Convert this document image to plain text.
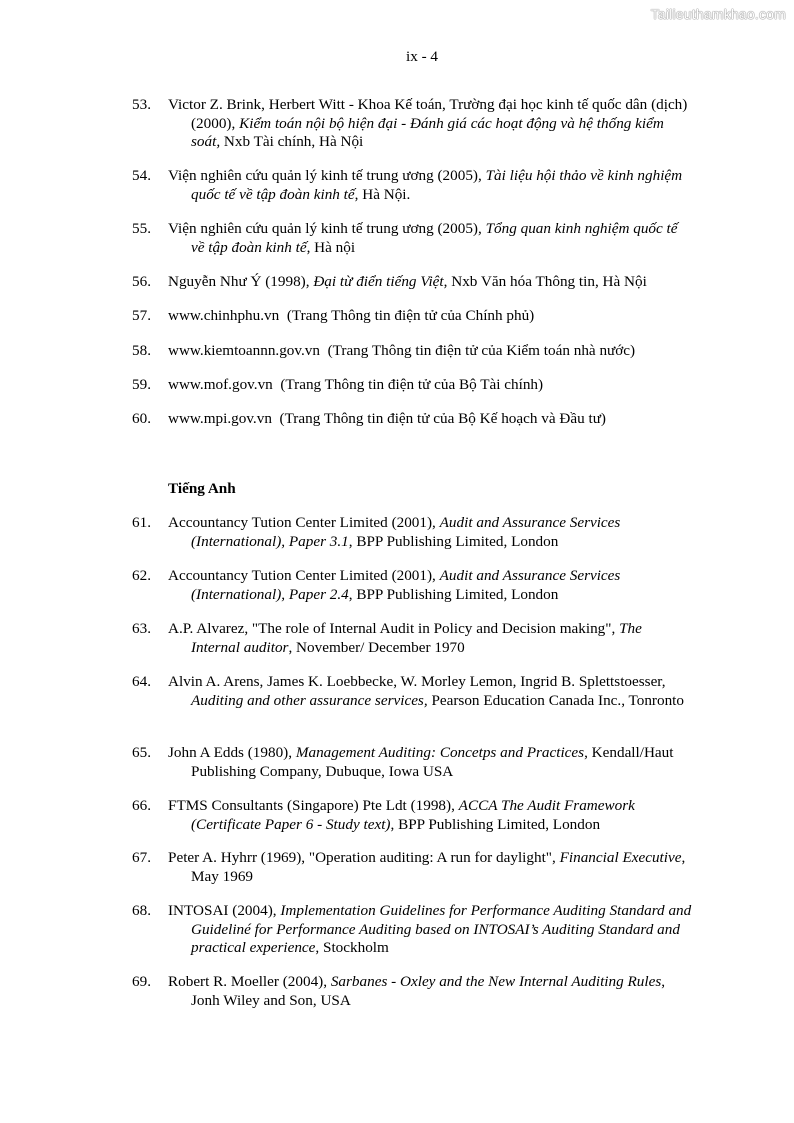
Tailieuthamkhao.com
ix - 4
53. Victor Z. Brink, Herbert Witt - Khoa Kế toán, Trường đại học kinh tế quốc dân (dịch) (2000), Kiểm toán nội bộ hiện đại - Đánh giá các hoạt động và hệ thống kiểm soát, Nxb Tài chính, Hà Nội
54. Viện nghiên cứu quản lý kinh tế trung ương (2005), Tài liệu hội thảo về kinh nghiệm quốc tế về tập đoàn kinh tế, Hà Nội.
55. Viện nghiên cứu quản lý kinh tế trung ương (2005), Tổng quan kinh nghiệm quốc tế về tập đoàn kinh tế, Hà nội
56. Nguyễn Như Ý (1998), Đại từ điển tiếng Việt, Nxb Văn hóa Thông tin, Hà Nội
57. www.chinhphu.vn  (Trang Thông tin điện tử của Chính phủ)
58. www.kiemtoannn.gov.vn  (Trang Thông tin điện tử của Kiểm toán nhà nước)
59. www.mof.gov.vn  (Trang Thông tin điện tử của Bộ Tài chính)
60. www.mpi.gov.vn  (Trang Thông tin điện tử của Bộ Kế hoạch và Đầu tư)
Tiếng Anh
61. Accountancy Tution Center Limited (2001), Audit and Assurance Services (International), Paper 3.1, BPP Publishing Limited, London
62. Accountancy Tution Center Limited (2001), Audit and Assurance Services (International), Paper 2.4, BPP Publishing Limited, London
63. A.P. Alvarez, "The role of Internal Audit in Policy and Decision making", The Internal auditor, November/ December 1970
64. Alvin A. Arens, James K. Loebbecke, W. Morley Lemon, Ingrid B. Splettstoesser, Auditing and other assurance services, Pearson Education Canada Inc., Tonronto
65. John A Edds (1980), Management Auditing: Concetps and Practices, Kendall/Haut Publishing Company, Dubuque, Iowa USA
66. FTMS Consultants (Singapore) Pte Ldt (1998), ACCA The Audit Framework (Certificate Paper 6 - Study text), BPP Publishing Limited, London
67. Peter A. Hyhrr (1969), "Operation auditing: A run for daylight", Financial Executive, May 1969
68. INTOSAI (2004), Implementation Guidelines for Performance Auditing Standard and Guideliné for Performance Auditing based on INTOSAI’s Auditing Standard and practical experience, Stockholm
69. Robert R. Moeller (2004), Sarbanes - Oxley and the New Internal Auditing Rules, Jonh Wiley and Son, USA
